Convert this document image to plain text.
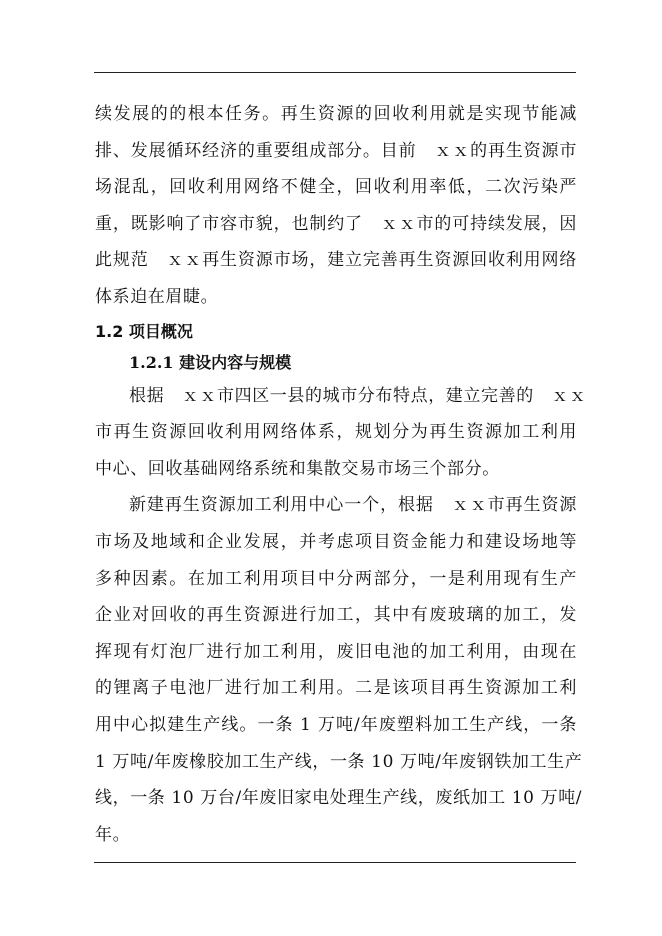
续发展的的根本任务。再生资源的回收利用就是实现节能减
排、发展循环经济的重要组成部分。目前　ｘｘ的再生资源市
场混乱，回收利用网络不健全，回收利用率低，二次污染严
重，既影响了市容市貌，也制约了　ｘｘ市的可持续发展，因
此规范　ｘｘ再生资源市场，建立完善再生资源回收利用网络
体系迫在眉睫。
1.2 项目概况
1.2.1 建设内容与规模
根据　ｘｘ市四区一县的城市分布特点，建立完善的　ｘｘ
市再生资源回收利用网络体系，规划分为再生资源加工利用
中心、回收基础网络系统和集散交易市场三个部分。
新建再生资源加工利用中心一个，根据　ｘｘ市再生资源
市场及地域和企业发展，并考虑项目资金能力和建设场地等
多种因素。在加工利用项目中分两部分，一是利用现有生产
企业对回收的再生资源进行加工，其中有废玻璃的加工，发
挥现有灯泡厂进行加工利用，废旧电池的加工利用，由现在
的锂离子电池厂进行加工利用。二是该项目再生资源加工利
用中心拟建生产线。一条 1 万吨/年废塑料加工生产线，一条
1 万吨/年废橡胶加工生产线，一条 10 万吨/年废钢铁加工生产
线，一条 10 万台/年废旧家电处理生产线，废纸加工 10 万吨/
年。
